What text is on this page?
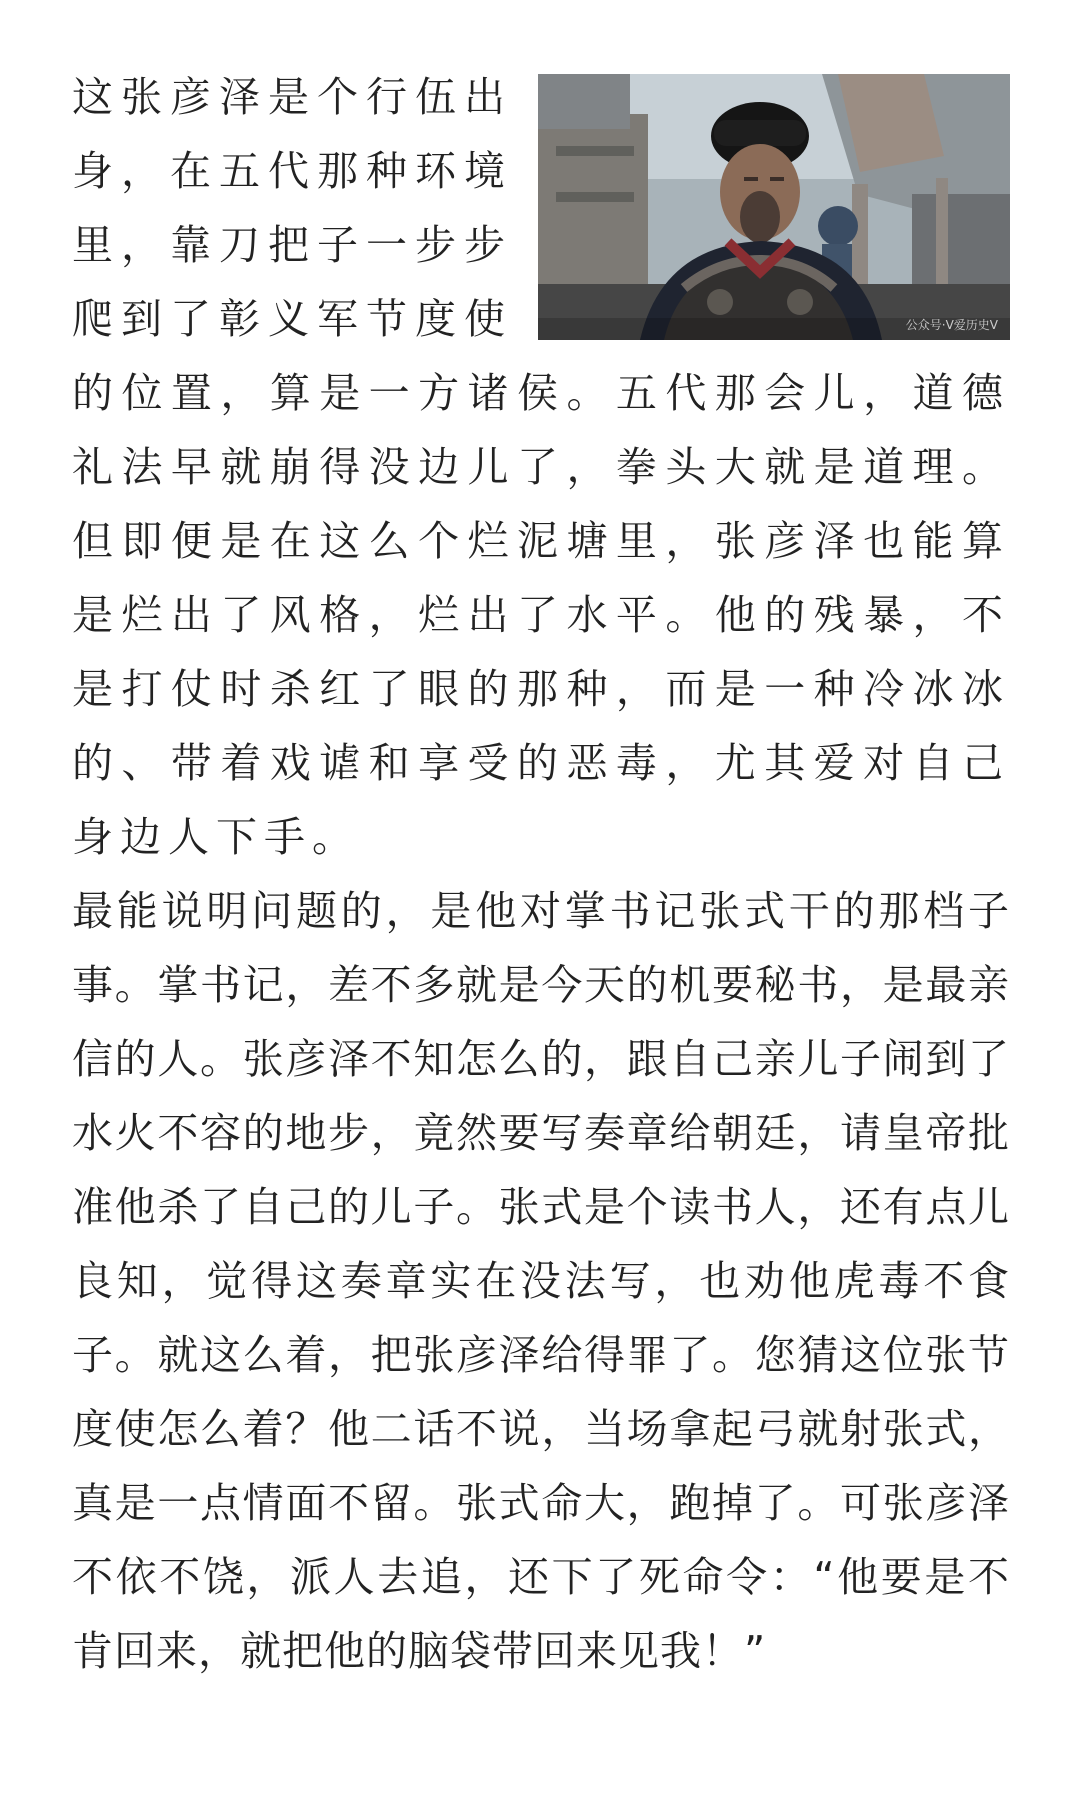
公众号·V爱历史V

这张彦泽是个行伍出身，在五代那种环境里，靠刀把子一步步爬到了彰义军节度使的位置，算是一方诸侯。五代那会儿，道德礼法早就崩得没边儿了，拳头大就是道理。但即便是在这么个烂泥塘里，张彦泽也能算是烂出了风格，烂出了水平。他的残暴，不是打仗时杀红了眼的那种，而是一种冷冰冰的、带着戏谑和享受的恶毒，尤其爱对自己身边人下手。

最能说明问题的，是他对掌书记张式干的那档子事。掌书记，差不多就是今天的机要秘书，是最亲信的人。张彦泽不知怎么的，跟自己亲儿子闹到了水火不容的地步，竟然要写奏章给朝廷，请皇帝批准他杀了自己的儿子。张式是个读书人，还有点儿良知，觉得这奏章实在没法写，也劝他虎毒不食子。就这么着，把张彦泽给得罪了。您猜这位张节度使怎么着？他二话不说，当场拿起弓就射张式，真是一点情面不留。张式命大，跑掉了。可张彦泽不依不饶，派人去追，还下了死命令：“他要是不肯回来，就把他的脑袋带回来见我！”
